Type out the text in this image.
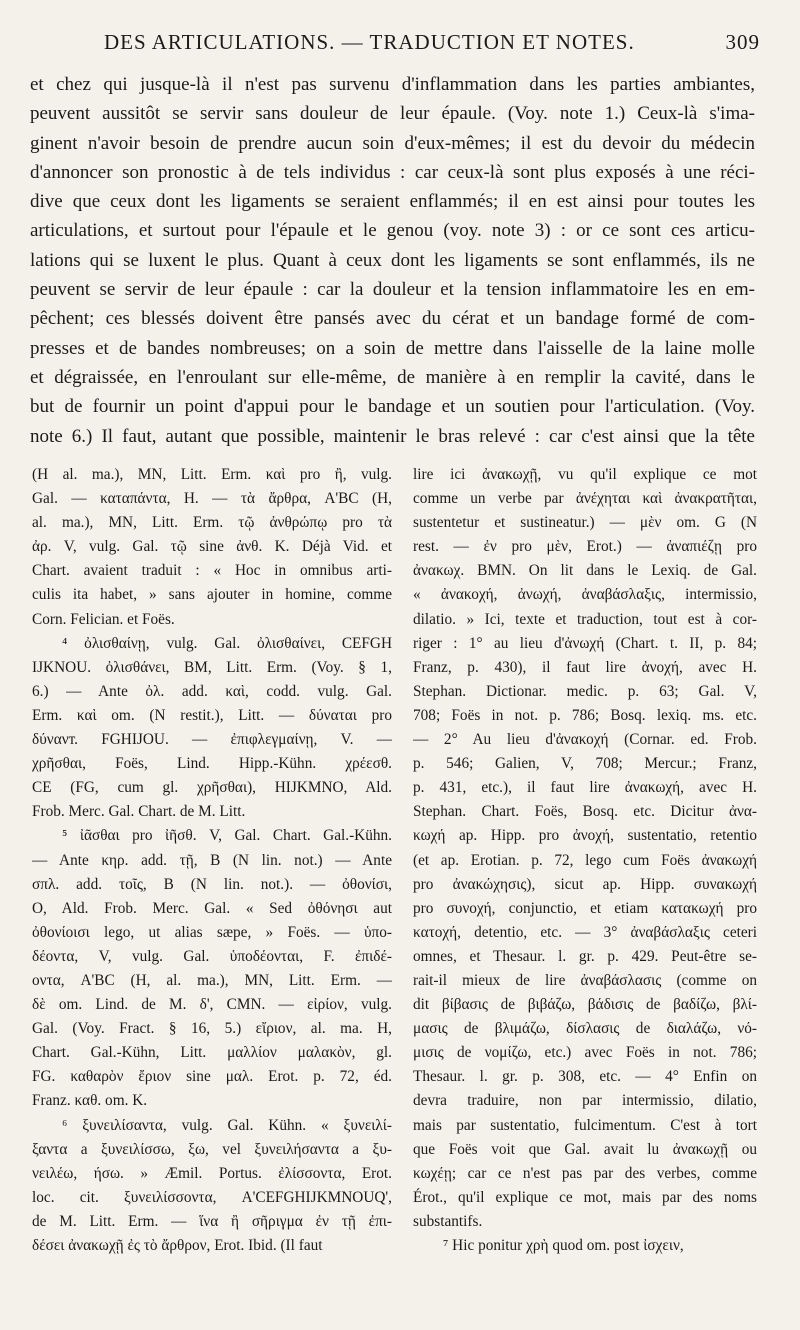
DES ARTICULATIONS. — TRADUCTION ET NOTES.	309
et chez qui jusque-là il n'est pas survenu d'inflammation dans les parties ambiantes,
peuvent aussitôt se servir sans douleur de leur épaule. (Voy. note 1.) Ceux-là s'ima-
ginent n'avoir besoin de prendre aucun soin d'eux-mêmes; il est du devoir du médecin
d'annoncer son pronostic à de tels individus : car ceux-là sont plus exposés à une réci-
dive que ceux dont les ligaments se seraient enflammés; il en est ainsi pour toutes les
articulations, et surtout pour l'épaule et le genou (voy. note 3) : or ce sont ces articu-
lations qui se luxent le plus. Quant à ceux dont les ligaments se sont enflammés, ils ne
peuvent se servir de leur épaule : car la douleur et la tension inflammatoire les en em-
pêchent; ces blessés doivent être pansés avec du cérat et un bandage formé de com-
presses et de bandes nombreuses; on a soin de mettre dans l'aisselle de la laine molle
et dégraissée, en l'enroulant sur elle-même, de manière à en remplir la cavité, dans le
but de fournir un point d'appui pour le bandage et un soutien pour l'articulation. (Voy.
note 6.) Il faut, autant que possible, maintenir le bras relevé : car c'est ainsi que la tête
(H al. ma.), MN, Litt. Erm. καὶ pro ἢ, vulg.
Gal. — καταπάντα, H. — τὰ ἄρθρα, A'BC (H,
al. ma.), MN, Litt. Erm. τῷ ἀνθρώπῳ pro τὰ
ἀρ. V, vulg. Gal. τῷ sine ἀνθ. K. Déjà Vid. et
Chart. avaient traduit : « Hoc in omnibus arti-
culis ita habet, » sans ajouter in homine, comme
Corn. Felician. et Foës.
⁴ ὀλισθαίνῃ, vulg. Gal. ὀλισθαίνει, CEFGH
IJKNOU. ὀλισθάνει, BM, Litt. Erm. (Voy. § 1,
6.) — Ante ὀλ. add. καὶ, codd. vulg. Gal.
Erm. καὶ om. (N restit.), Litt. — δύναται pro
δύνανт. FGHIJOU. — ἐπιφλεγμαίνῃ, V. —
χρῆσθαι, Foës, Lind. Hipp.-Kühn. χρέεσθ.
CE (FG, cum gl. χρῆσθαι), HIJKMNO, Ald.
Frob. Merc. Gal. Chart. de M. Litt.
⁵ ἰᾶσθαι pro ἰῆσθ. V, Gal. Chart. Gal.-Kühn.
— Ante κηρ. add. τῇ, B (N lin. not.) — Ante
σπλ. add. τοῖς, B (N lin. not.). — ὀθονίσι,
O, Ald. Frob. Merc. Gal. « Sed ὀθόνησι aut
ὀθονίοισι lego, ut alias sæpe, » Foës. — ὑπο-
δέοντα, V, vulg. Gal. ὑποδέονται, F. ἐπιδέ-
οντα, A'BC (H, al. ma.), MN, Litt. Erm. —
δὲ om. Lind. de M. δ', CMN. — εἰρίον, vulg.
Gal. (Voy. Fract. § 16, 5.) εἴριον, al. ma. H,
Chart. Gal.-Kühn, Litt. μαλλίον μαλακὸν, gl.
FG. καθαρὸν ἔριον sine μαλ. Erot. p. 72, éd.
Franz. καθ. om. K.
⁶ ξυνειλίσαντα, vulg. Gal. Kühn. « ξυνειλί-
ξαντα a ξυνειλίσσω, ξω, vel ξυνειλήσαντα a ξυ-
νειλέω, ήσω. » Æmil. Portus. ἐλίσσοντα, Erot.
loc. cit. ξυνειλίσσοντα, A'CEFGHIJKMNOUQ',
de M. Litt. Erm. — ἵνα ἢ σῆριγμα ἐν τῇ ἐπι-
δέσει ἀνακωχῇ ἐς τὸ ἄρθρον, Erot. Ibid. (Il faut
lire ici ἀνακωχῇ, vu qu'il explique ce mot
comme un verbe par ἀνέχηται καὶ ἀνακρατῆται,
sustentetur et sustineatur.) — μὲν om. G (N
rest. — ἐν pro μὲν, Erot.) — ἀναπιέζῃ pro
ἀνακωχ. BMN. On lit dans le Lexiq. de Gal.
« ἀνακοχή, ἀνωχή, ἀναβάσλαξις, intermissio,
dilatio. » Ici, texte et traduction, tout est à cor-
riger : 1° au lieu d'ἀνωχή (Chart. t. II, p. 84;
Franz, p. 430), il faut lire ἀνοχή, avec H.
Stephan. Dictionar. medic. p. 63; Gal. V,
708; Foës in not. p. 786; Bosq. lexiq. ms. etc.
— 2° Au lieu d'ἀνακοχή (Cornar. ed. Frob.
p. 546; Galien, V, 708; Mercur.; Franz,
p. 431, etc.), il faut lire ἀνακωχή, avec H.
Stephan. Chart. Foës, Bosq. etc. Dicitur ἀνα-
κωχή ap. Hipp. pro ἀνοχή, sustentatio, retentio
(et ap. Erotian. p. 72, lego cum Foës ἀνακωχή
pro ἀνακώχησις), sicut ap. Hipp. συνακωχή
pro συνοχή, conjunctio, et etiam κατακωχή pro
κατοχή, detentio, etc. — 3° ἀναβάσλαξις ceteri
omnes, et Thesaur. l. gr. p. 429. Peut-être se-
rait-il mieux de lire ἀναβάσλασις (comme on
dit βίβασις de βιβάζω, βάδισις de βαδίζω, βλί-
μασις de βλιμάζω, δίσλασις de διαλάζω, νό-
μισις de νομίζω, etc.) avec Foës in not. 786;
Thesaur. l. gr. p. 308, etc. — 4° Enfin on
devra traduire, non par intermissio, dilatio,
mais par sustentatio, fulcimentum. C'est à tort
que Foës voit que Gal. avait lu ἀνακωχῇ ou
κωχέῃ; car ce n'est pas par des verbes, comme
Érot., qu'il explique ce mot, mais par des noms
substantifs.
⁷ Hic ponitur χρὴ quod om. post ἰσχειν,
